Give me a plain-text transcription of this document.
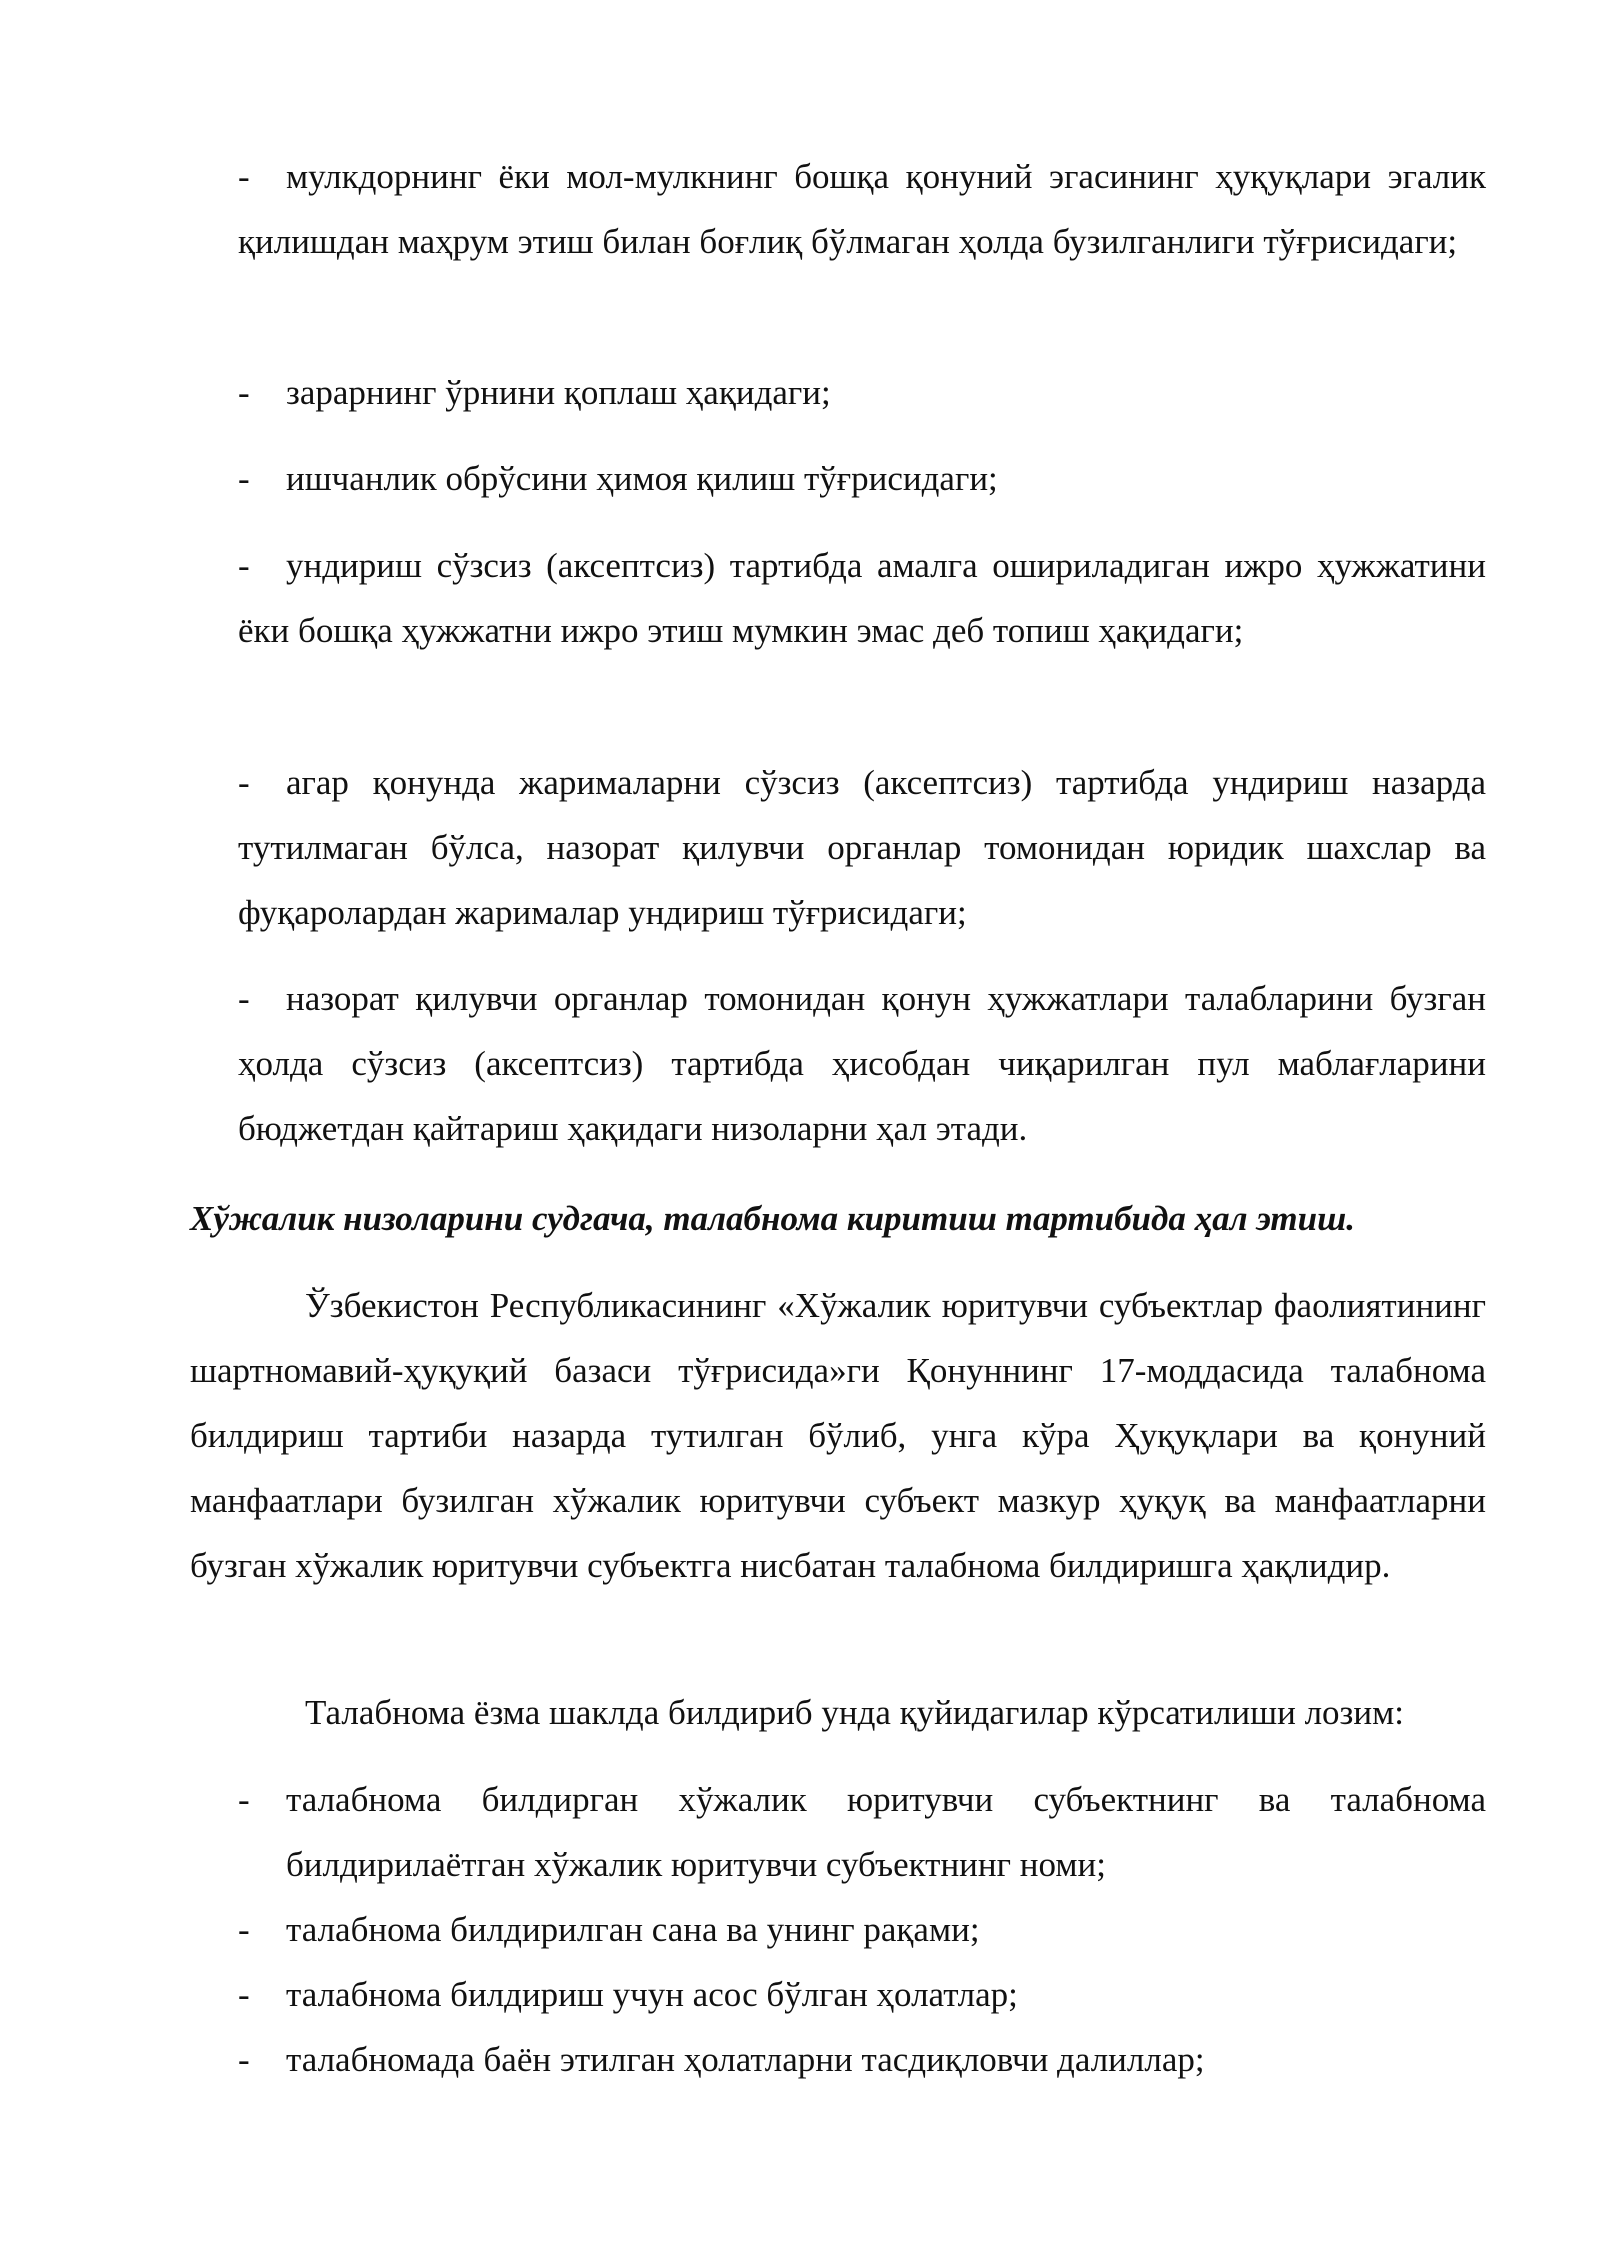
- мулкдорнинг ёки мол-мулкнинг бошқа қонуний эгасининг ҳуқуқлари эгалик қилишдан маҳрум этиш билан боғлиқ бўлмаган ҳолда бузилганлиги тўғрисидаги;

- зарарнинг ўрнини қоплаш ҳақидаги;

- ишчанлик обрўсини ҳимоя қилиш тўғрисидаги;

- ундириш сўзсиз (аксептсиз) тартибда амалга ошириладиган ижро ҳужжатини ёки бошқа ҳужжатни ижро этиш мумкин эмас деб топиш ҳақидаги;

- агар қонунда жарималарни сўзсиз (аксептсиз) тартибда ундириш назарда тутилмаган бўлса, назорат қилувчи органлар томонидан юридик шахслар ва фуқаролардан жарималар ундириш тўғрисидаги;

- назорат қилувчи органлар томонидан қонун ҳужжатлари талабларини бузган ҳолда сўзсиз (аксептсиз) тартибда ҳисобдан чиқарилган пул маблағларини бюджетдан қайтариш ҳақидаги низоларни ҳал этади.

Хўжалик низоларини судгача, талабнома киритиш тартибида ҳал этиш.

Ўзбекистон Республикасининг «Хўжалик юритувчи субъектлар фаолиятининг шартномавий-ҳуқуқий базаси тўғрисида»ги Қонуннинг 17-моддасида талабнома билдириш тартиби назарда тутилган бўлиб, унга кўра Ҳуқуқлари ва қонуний манфаатлари бузилган хўжалик юритувчи субъект мазкур ҳуқуқ ва манфаатларни бузган хўжалик юритувчи субъектга нисбатан талабнома билдиришга ҳақлидир.

Талабнома ёзма шаклда билдириб унда қуйидагилар кўрсатилиши лозим:

- талабнома билдирган хўжалик юритувчи субъектнинг ва талабнома билдирилаётган хўжалик юритувчи субъектнинг номи;
- талабнома билдирилган сана ва унинг рақами;
- талабнома билдириш учун асос бўлган ҳолатлар;
- талабномада баён этилган ҳолатларни тасдиқловчи далиллар;
